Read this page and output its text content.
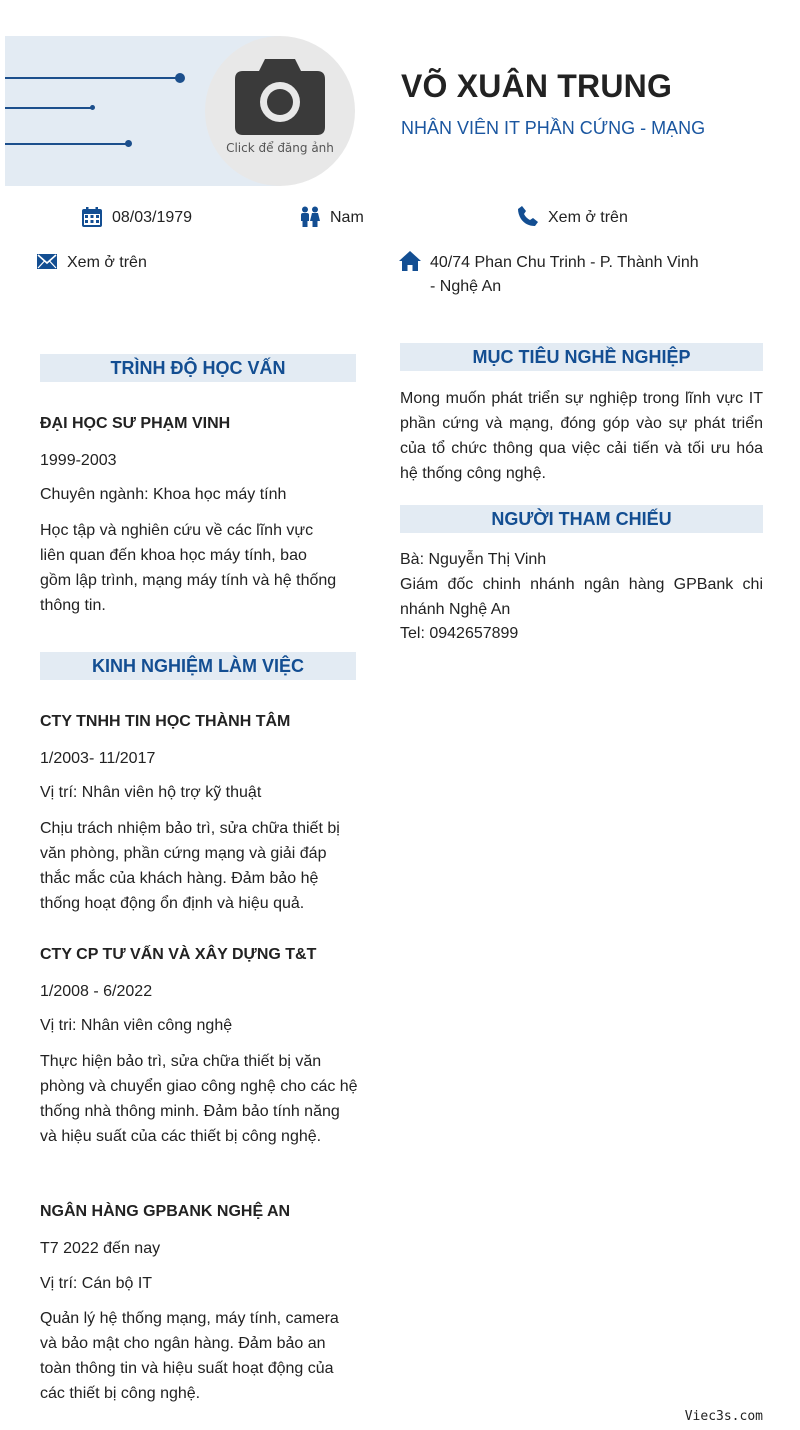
Click để đăng ảnh
VÕ XUÂN TRUNG
NHÂN VIÊN IT PHẦN CỨNG - MẠNG
08/03/1979	Nam	Xem ở trên
Xem ở trên	40/74 Phan Chu Trinh - P. Thành Vinh
- Nghệ An
TRÌNH ĐỘ HỌC VẤN
ĐẠI HỌC SƯ PHẠM VINH
1999-2003
Chuyên ngành: Khoa học máy tính
Học tập và nghiên cứu về các lĩnh vực liên quan đến khoa học máy tính, bao gồm lập trình, mạng máy tính và hệ thống thông tin.
KINH NGHIỆM LÀM VIỆC
CTY TNHH TIN HỌC THÀNH TÂM
1/2003- 11/2017
Vị trí: Nhân viên hộ trợ kỹ thuật
Chịu trách nhiệm bảo trì, sửa chữa thiết bị văn phòng, phần cứng mạng và giải đáp thắc mắc của khách hàng. Đảm bảo hệ thống hoạt động ổn định và hiệu quả.
CTY CP TƯ VẤN VÀ XÂY DỰNG T&T
1/2008 - 6/2022
Vị tri: Nhân viên công nghệ
Thực hiện bảo trì, sửa chữa thiết bị văn phòng và chuyển giao công nghệ cho các hệ thống nhà thông minh. Đảm bảo tính năng và hiệu suất của các thiết bị công nghệ.
NGÂN HÀNG GPBANK NGHỆ AN
T7 2022 đến nay
Vị trí: Cán bộ IT
Quản lý hệ thống mạng, máy tính, camera và bảo mật cho ngân hàng. Đảm bảo an toàn thông tin và hiệu suất hoạt động của các thiết bị công nghệ.
MỤC TIÊU NGHỀ NGHIỆP
Mong muốn phát triển sự nghiệp trong lĩnh vực IT phần cứng và mạng, đóng góp vào sự phát triển của tổ chức thông qua việc cải tiến và tối ưu hóa hệ thống công nghệ.
NGƯỜI THAM CHIẾU
Bà: Nguyễn Thị Vinh
Giám đốc chinh nhánh ngân hàng GPBank chi nhánh Nghệ An
Tel: 0942657899
Viec3s.com
